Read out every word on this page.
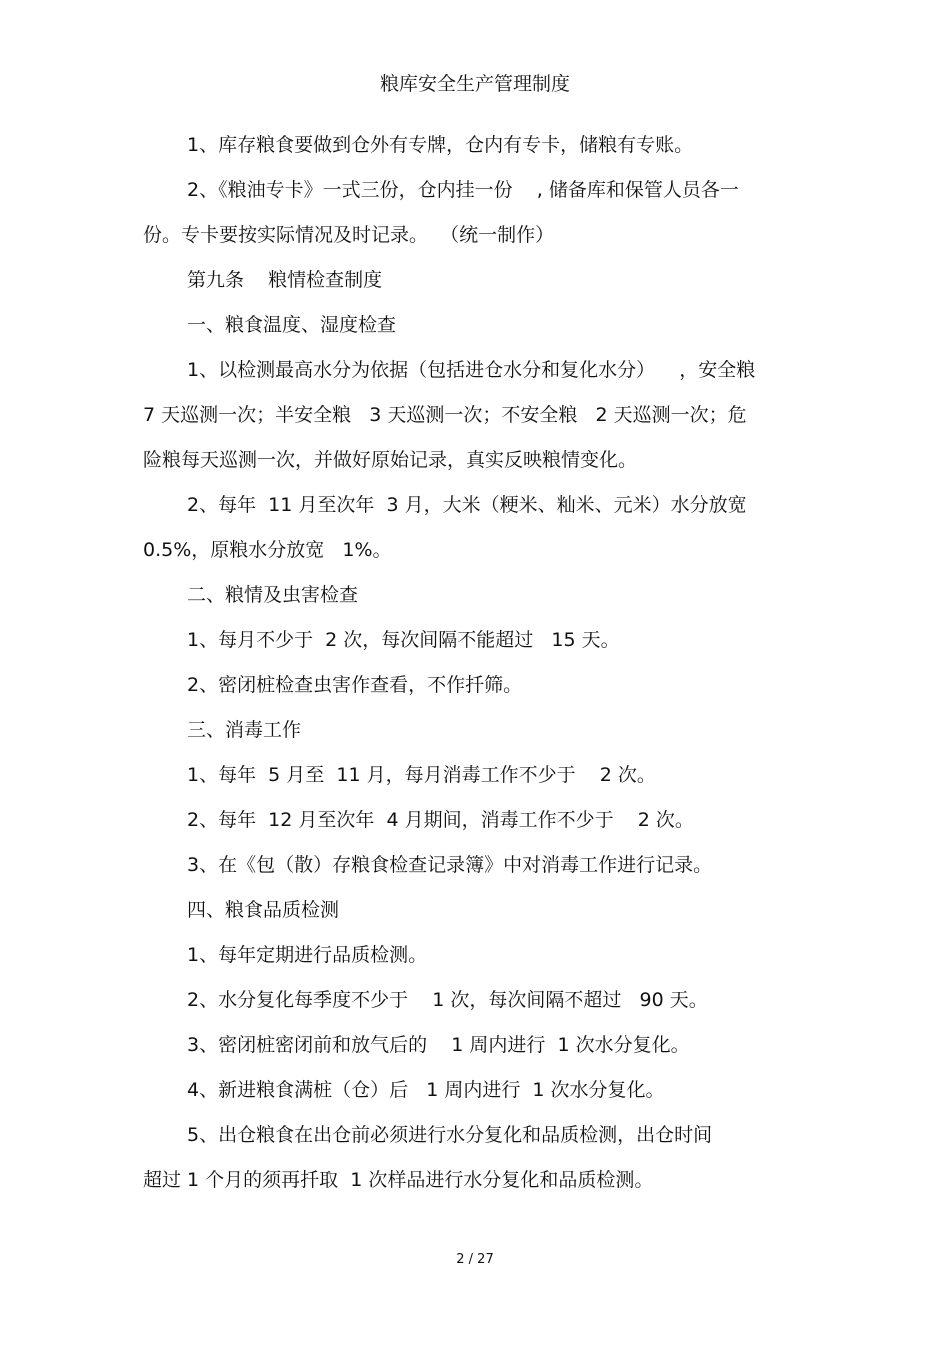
粮库安全生产管理制度
1、库存粮食要做到仓外有专牌，仓内有专卡，储粮有专账。
2、《粮油专卡》一式三份，仓内挂一份    , 储备库和保管人员各一
份。专卡要按实际情况及时记录。  （统一制作）
第九条    粮情检查制度
一、粮食温度、湿度检查
1、以检测最高水分为依据（包括进仓水分和复化水分）    ，安全粮
7 天巡测一次；半安全粮   3 天巡测一次；不安全粮   2 天巡测一次；危
险粮每天巡测一次，并做好原始记录，真实反映粮情变化。
2、每年  11 月至次年  3 月，大米（粳米、籼米、元米）水分放宽
0.5%，原粮水分放宽   1%。
二、粮情及虫害检查
1、每月不少于  2 次，每次间隔不能超过   15 天。
2、密闭桩检查虫害作查看，不作扦筛。
三、消毒工作
1、每年  5 月至  11 月，每月消毒工作不少于    2 次。
2、每年  12 月至次年  4 月期间，消毒工作不少于    2 次。
3、在《包（散）存粮食检查记录簿》中对消毒工作进行记录。
四、粮食品质检测
1、每年定期进行品质检测。
2、水分复化每季度不少于    1 次，每次间隔不超过   90 天。
3、密闭桩密闭前和放气后的    1 周内进行  1 次水分复化。
4、新进粮食满桩（仓）后   1 周内进行  1 次水分复化。
5、出仓粮食在出仓前必须进行水分复化和品质检测，出仓时间
超过 1 个月的须再扦取  1 次样品进行水分复化和品质检测。
2 / 27
